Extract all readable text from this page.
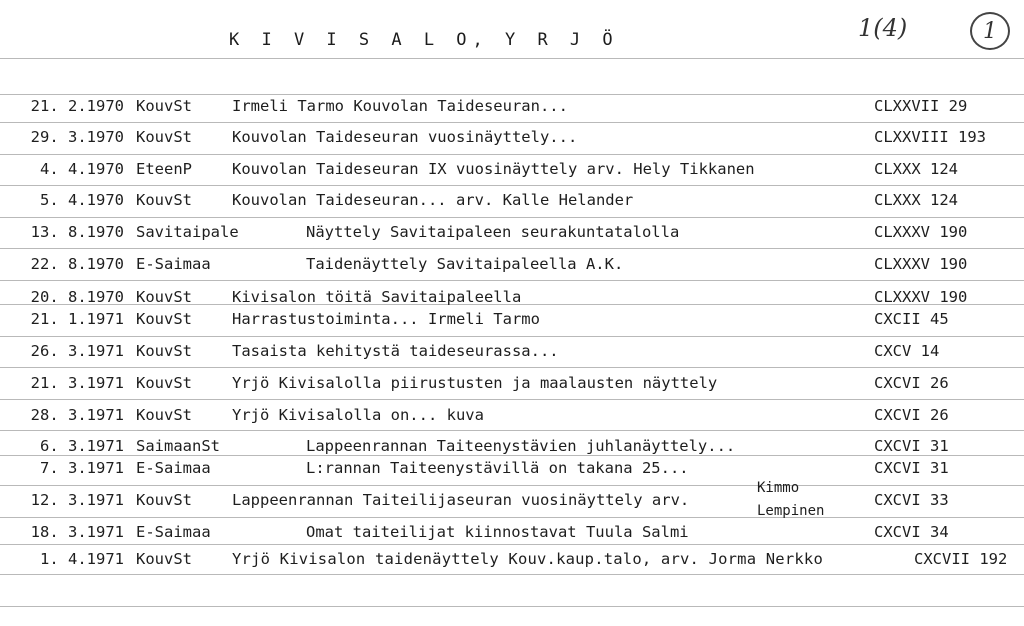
K I V I S A L O, Y R J Ö	1(4)	1
21. 2.1970 KouvSt	Irmeli Tarmo Kouvolan Taideseuran...	CLXXVII 29
29. 3.1970 KouvSt	Kouvolan Taideseuran vuosinäyttely...	CLXXVIII 193
4. 4.1970 EteenP	Kouvolan Taideseuran IX vuosinäyttely arv. Hely Tikkanen	CLXXX 124
5. 4.1970 KouvSt	Kouvolan Taideseuran... arv. Kalle Helander	CLXXX 124
13. 8.1970 Savitaipale	Näyttely Savitaipaleen seurakuntatalolla	CLXXXV 190
22. 8.1970 E-Saimaa	Taidenäyttely Savitaipaleella A.K.	CLXXXV 190
20. 8.1970 KouvSt	Kivisalon töitä Savitaipaleella	CLXXXV 190
21. 1.1971 KouvSt	Harrastustoiminta... Irmeli Tarmo	CXCII 45
26. 3.1971 KouvSt	Tasaista kehitystä taideseurassa...	CXCV 14
21. 3.1971 KouvSt	Yrjö Kivisalolla piirustusten ja maalausten näyttely	CXCVI 26
28. 3.1971 KouvSt	Yrjö Kivisalolla on... kuva	CXCVI 26
6. 3.1971 SaimaanSt	Lappeenrannan Taiteenystävien juhlanäyttely...	CXCVI 31
7. 3.1971 E-Saimaa	L:rannan Taiteenystävillä on takana 25...	CXCVI 31
12. 3.1971 KouvSt	Lappeenrannan Taiteilijaseuran vuosinäyttely arv.	CXCVI 33
Kimmo
Lempinen
18. 3.1971 E-Saimaa	Omat taiteilijat kiinnostavat Tuula Salmi	CXCVI 34
1. 4.1971 KouvSt	Yrjö Kivisalon taidenäyttely Kouv.kaup.talo, arv. Jorma Nerkko	CXCVII 192
